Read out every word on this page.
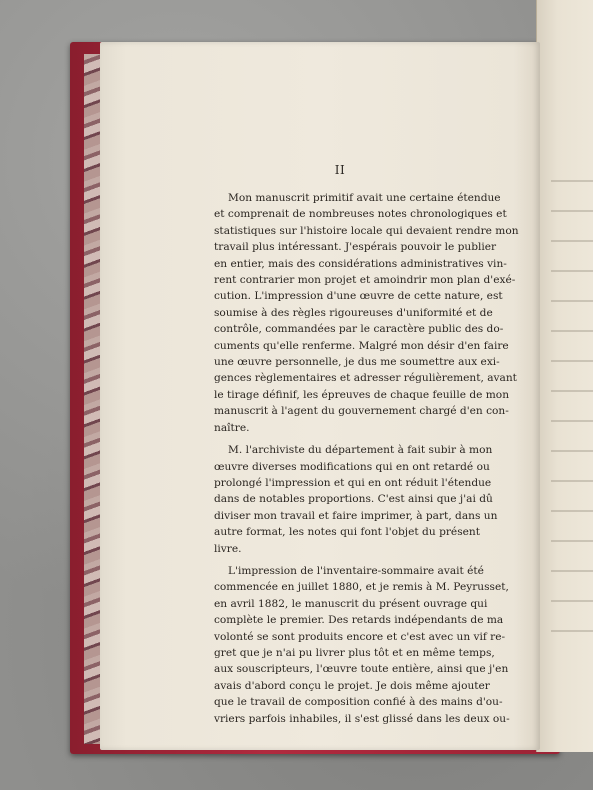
II
Mon manuscrit primitif avait une certaine étendue
et comprenait de nombreuses notes chronologiques et
statistiques sur l'histoire locale qui devaient rendre mon
travail plus intéressant. J'espérais pouvoir le publier
en entier, mais des considérations administratives vin-
rent contrarier mon projet et amoindrir mon plan d'exé-
cution. L'impression d'une œuvre de cette nature, est
soumise à des règles rigoureuses d'uniformité et de
contrôle, commandées par le caractère public des do-
cuments qu'elle renferme. Malgré mon désir d'en faire
une œuvre personnelle, je dus me soumettre aux exi-
gences règlementaires et adresser régulièrement, avant
le tirage définif, les épreuves de chaque feuille de mon
manuscrit à l'agent du gouvernement chargé d'en con-
naître.
M. l'archiviste du département à fait subir à mon
œuvre diverses modifications qui en ont retardé ou
prolongé l'impression et qui en ont réduit l'étendue
dans de notables proportions. C'est ainsi que j'ai dû
diviser mon travail et faire imprimer, à part, dans un
autre format, les notes qui font l'objet du présent
livre.
L'impression de l'inventaire-sommaire avait été
commencée en juillet 1880, et je remis à M. Peyrusset,
en avril 1882, le manuscrit du présent ouvrage qui
complète le premier. Des retards indépendants de ma
volonté se sont produits encore et c'est avec un vif re-
gret que je n'ai pu livrer plus tôt et en même temps,
aux souscripteurs, l'œuvre toute entière, ainsi que j'en
avais d'abord conçu le projet. Je dois même ajouter
que le travail de composition confié à des mains d'ou-
vriers parfois inhabiles, il s'est glissé dans les deux ou-
